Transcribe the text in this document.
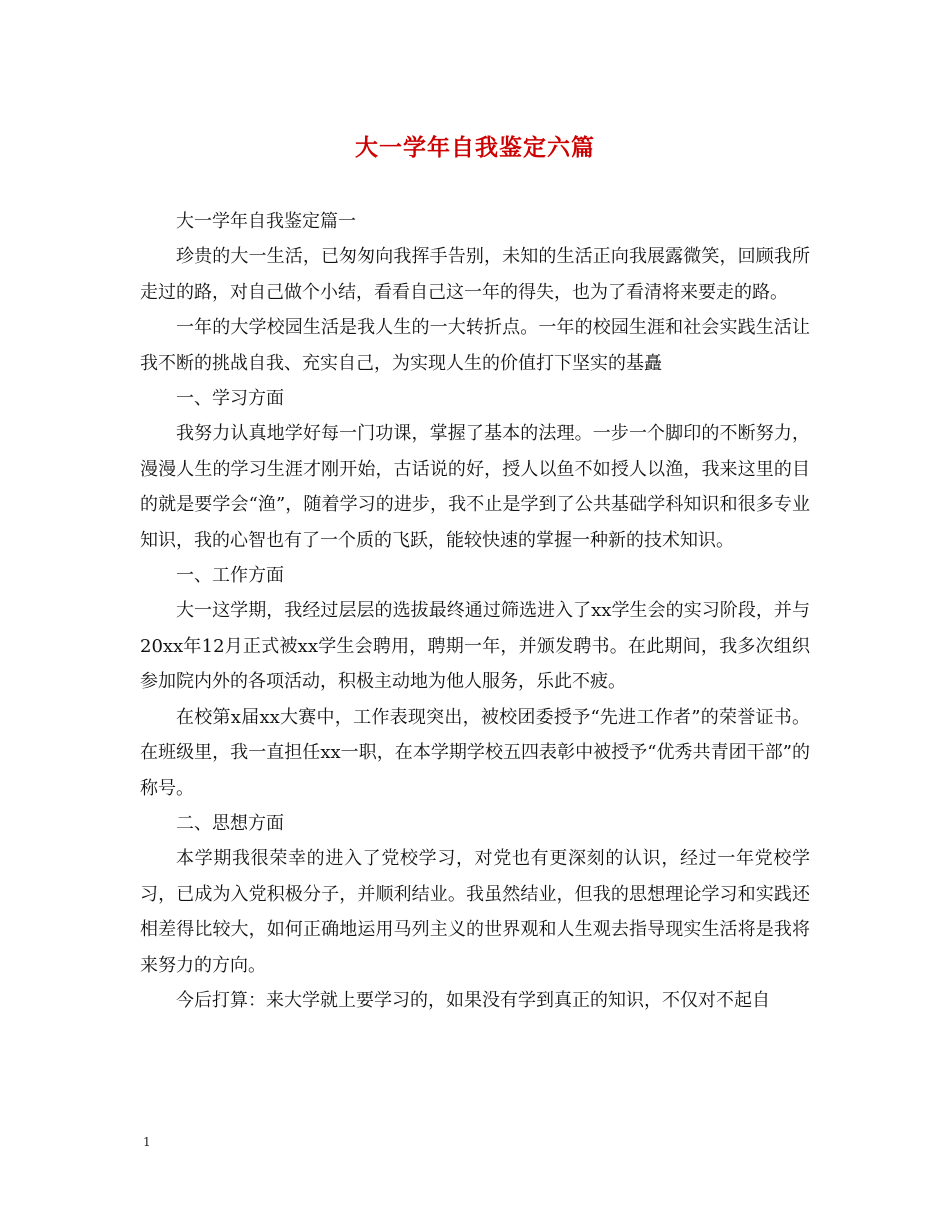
大一学年自我鉴定六篇

大一学年自我鉴定篇一

珍贵的大一生活，已匆匆向我挥手告别，未知的生活正向我展露微笑，回顾我所走过的路，对自己做个小结，看看自己这一年的得失，也为了看清将来要走的路。

一年的大学校园生活是我人生的一大转折点。一年的校园生涯和社会实践生活让我不断的挑战自我、充实自己，为实现人生的价值打下坚实的基矗

一、学习方面

我努力认真地学好每一门功课，掌握了基本的法理。一步一个脚印的不断努力，漫漫人生的学习生涯才刚开始，古话说的好，授人以鱼不如授人以渔，我来这里的目的就是要学会“渔”，随着学习的进步，我不止是学到了公共基础学科知识和很多专业知识，我的心智也有了一个质的飞跃，能较快速的掌握一种新的技术知识。

一、工作方面

大一这学期，我经过层层的选拔最终通过筛选进入了xx学生会的实习阶段，并与20xx年12月正式被xx学生会聘用，聘期一年，并颁发聘书。在此期间，我多次组织参加院内外的各项活动，积极主动地为他人服务，乐此不疲。

在校第x届xx大赛中，工作表现突出，被校团委授予“先进工作者”的荣誉证书。在班级里，我一直担任xx一职，在本学期学校五四表彰中被授予“优秀共青团干部”的称号。

二、思想方面

本学期我很荣幸的进入了党校学习，对党也有更深刻的认识，经过一年党校学习，已成为入党积极分子，并顺利结业。我虽然结业，但我的思想理论学习和实践还相差得比较大，如何正确地运用马列主义的世界观和人生观去指导现实生活将是我将来努力的方向。

今后打算：来大学就上要学习的，如果没有学到真正的知识，不仅对不起自

1
